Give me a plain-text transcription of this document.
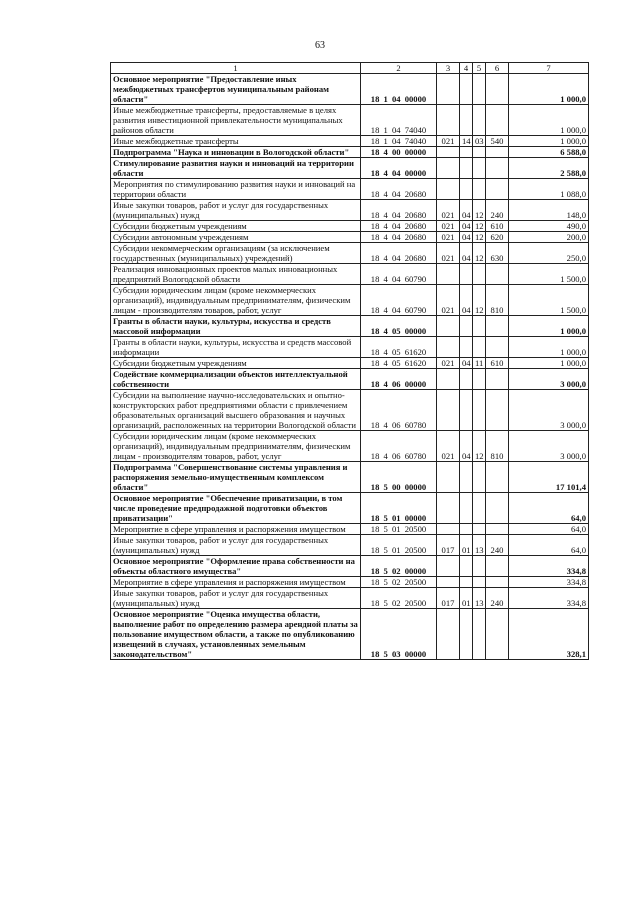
63
1	2	3	4	5	6	7
Основное мероприятие "Предоставление иных межбюджетных трансфертов муниципальным районам области"	18 1 04 00000					1 000,0
Иные межбюджетные трансферты, предоставляемые в целях развития инвестиционной привлекательности муниципальных районов области	18 1 04 74040					1 000,0
Иные межбюджетные трансферты	18 1 04 74040	021	14	03	540	1 000,0
Подпрограмма "Наука и инновации в Вологодской области"	18 4 00 00000					6 588,0
Стимулирование развития науки и инноваций на территории области	18 4 04 00000					2 588,0
Мероприятия по стимулированию развития науки и инноваций на территории области	18 4 04 20680					1 088,0
Иные закупки товаров, работ и услуг для государственных (муниципальных) нужд	18 4 04 20680	021	04	12	240	148,0
Субсидии бюджетным учреждениям	18 4 04 20680	021	04	12	610	490,0
Субсидии автономным учреждениям	18 4 04 20680	021	04	12	620	200,0
Субсидии некоммерческим организациям (за исключением государственных (муниципальных) учреждений)	18 4 04 20680	021	04	12	630	250,0
Реализация инновационных проектов малых инновационных предприятий Вологодской области	18 4 04 60790					1 500,0
Субсидии юридическим лицам (кроме некоммерческих организаций), индивидуальным предпринимателям, физическим лицам - производителям товаров, работ, услуг	18 4 04 60790	021	04	12	810	1 500,0
Гранты в области науки, культуры, искусства и средств массовой информации	18 4 05 00000					1 000,0
Гранты в области науки, культуры, искусства и средств массовой информации	18 4 05 61620					1 000,0
Субсидии бюджетным учреждениям	18 4 05 61620	021	04	11	610	1 000,0
Содействие коммерциализации объектов интеллектуальной собственности	18 4 06 00000					3 000,0
Субсидии на выполнение научно-исследовательских и опытно-конструкторских работ предприятиями области с привлечением образовательных организаций высшего образования и научных организаций, расположенных на территории Вологодской области	18 4 06 60780					3 000,0
Субсидии юридическим лицам (кроме некоммерческих организаций), индивидуальным предпринимателям, физическим лицам - производителям товаров, работ, услуг	18 4 06 60780	021	04	12	810	3 000,0
Подпрограмма "Совершенствование системы управления и распоряжения земельно-имущественным комплексом области"	18 5 00 00000					17 101,4
Основное мероприятие "Обеспечение приватизации, в том числе проведение предпродажной подготовки объектов приватизации"	18 5 01 00000					64,0
Мероприятие в сфере управления и распоряжения имуществом	18 5 01 20500					64,0
Иные закупки товаров, работ и услуг для государственных (муниципальных) нужд	18 5 01 20500	017	01	13	240	64,0
Основное мероприятие "Оформление права собственности на объекты областного имущества"	18 5 02 00000					334,8
Мероприятие в сфере управления и распоряжения имуществом	18 5 02 20500					334,8
Иные закупки товаров, работ и услуг для государственных (муниципальных) нужд	18 5 02 20500	017	01	13	240	334,8
Основное мероприятие "Оценка имущества области, выполнение работ по определению размера арендной платы за пользование имуществом области, а также по опубликованию извещений в случаях, установленных земельным законодательством"	18 5 03 00000					328,1
